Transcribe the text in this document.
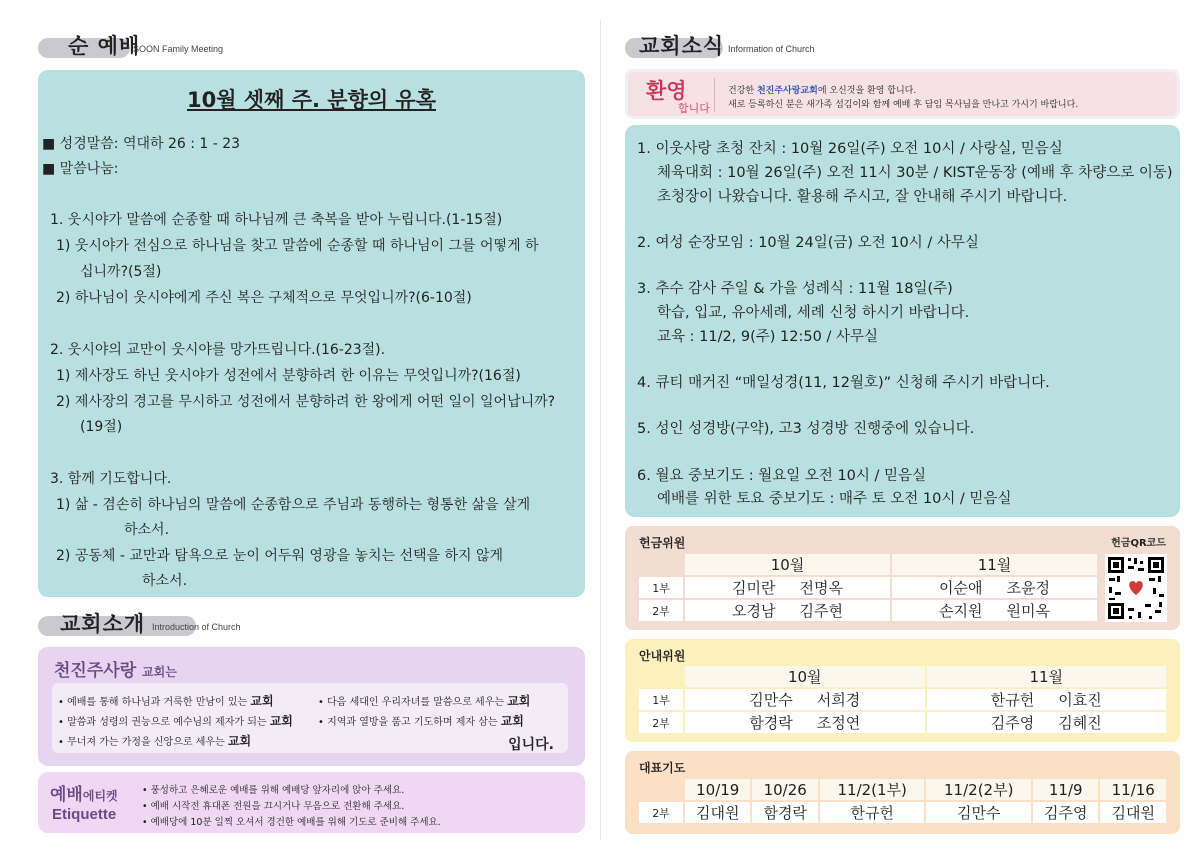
순 예배
SOON Family Meeting
10월 셋째 주. 분향의 유혹
■ 성경말씀: 역대하 26 : 1 - 23
■ 말씀나눔:
1. 웃시야가 말씀에 순종할 때 하나님께 큰 축복을 받아 누립니다.(1-15절)
1) 웃시야가 전심으로 하나님을 찾고 말씀에 순종할 때 하나님이 그를 어떻게 하
십니까?(5절)
2) 하나님이 웃시야에게 주신 복은 구체적으로 무엇입니까?(6-10절)
2. 웃시야의 교만이 웃시야를 망가뜨립니다.(16-23절).
1) 제사장도 하닌 웃시야가 성전에서 분향하려 한 이유는 무엇입니까?(16절)
2) 제사장의 경고를 무시하고 성전에서 분향하려 한 왕에게 어떤 일이 일어납니까?
(19절)
3. 함께 기도합니다.
1) 삶 - 겸손히 하나님의 말씀에 순종함으로 주님과 동행하는 형통한 삶을 살게
하소서.
2) 공동체 - 교만과 탐욕으로 눈이 어두워 영광을 놓치는 선택을 하지 않게
하소서.
교회소개 Introduction of Church
천진주사랑 교회는
• 예배를 통해 하나님과 거룩한 만남이 있는 교회
• 말씀과 성령의 권능으로 예수님의 제자가 되는 교회
• 무너져 가는 가정을 신앙으로 세우는 교회
• 다음 세대인 우리자녀를 말씀으로 세우는 교회
• 지역과 열방을 품고 기도하며 제자 삼는 교회
입니다.
예배에티켓
Etiquette
• 풍성하고 은혜로운 예배를 위해 예배당 앞자리에 앉아 주세요.
• 예배 시작전 휴대폰 전원을 끄시거나 무음으로 전환해 주세요.
• 예배당에 10분 일찍 오셔서 경건한 예배를 위해 기도로 준비해 주세요.
교회소식 Information of Church
환영
합니다
건강한 천진주사랑교회에 오신것을 환영 합니다.
새로 등록하신 분은 새가족 섬김이와 함께 예배 후 담임 목사님을 만나고 가시기 바랍니다.
1. 이웃사랑 초청 잔치 : 10월 26일(주) 오전 10시 / 사랑실, 믿음실
체육대회 : 10월 26일(주) 오전 11시 30분 / KIST운동장 (예배 후 차량으로 이동)
초청장이 나왔습니다. 활용해 주시고, 잘 안내해 주시기 바랍니다.
2. 여성 순장모임 : 10월 24일(금) 오전 10시 / 사무실
3. 추수 감사 주일 & 가을 성례식 : 11월 18일(주)
학습, 입교, 유아세례, 세례 신청 하시기 바랍니다.
교육 : 11/2, 9(주) 12:50 / 사무실
4. 큐티 매거진 “매일성경(11, 12월호)” 신청해 주시기 바랍니다.
5. 성인 성경방(구약), 고3 성경방 진행중에 있습니다.
6. 월요 중보기도 : 월요일 오전 10시 / 믿음실
예배를 위한 토요 중보기도 : 매주 토 오전 10시 / 믿음실
헌금위원	헌금QR코드
	10월	11월
1부	김미란 전명옥	이순애 조윤정
2부	오경남 김주현	손지원 원미옥
안내위원
	10월	11월
1부	김만수 서희경	한규헌 이효진
2부	함경락 조정연	김주영 김혜진
대표기도
	10/19	10/26	11/2(1부)	11/2(2부)	11/9	11/16
2부	김대원	함경락	한규헌	김만수	김주영	김대원
